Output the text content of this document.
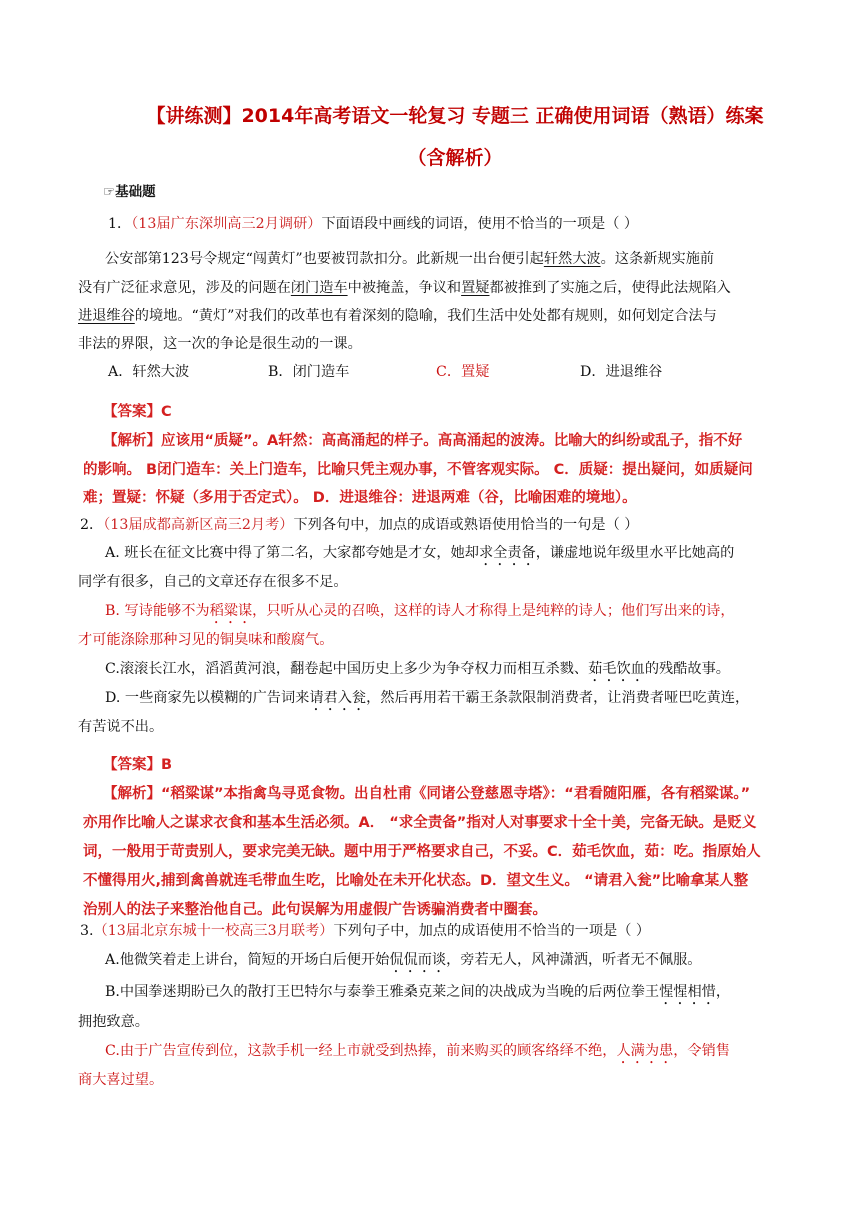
【讲练测】2014年高考语文一轮复习 专题三 正确使用词语（熟语）练案
（含解析）
☞基础题
1．（13届广东深圳高三2月调研）下面语段中画线的词语，使用不恰当的一项是（ ）
公安部第123号令规定“闯黄灯”也要被罚款扣分。此新规一出台便引起轩然大波。这条新规实施前
没有广泛征求意见，涉及的问题在闭门造车中被掩盖，争议和置疑都被推到了实施之后，使得此法规陷入
进退维谷的境地。“黄灯”对我们的改革也有着深刻的隐喻，我们生活中处处都有规则，如何划定合法与
非法的界限，这一次的争论是很生动的一课。
A．轩然大波	B．闭门造车	C．置疑	D．进退维谷
【答案】C
【解析】应该用“质疑”。A轩然：高高涌起的样子。高高涌起的波涛。比喻大的纠纷或乱子，指不好
的影响。 B闭门造车：关上门造车，比喻只凭主观办事，不管客观实际。 C．质疑：提出疑问，如质疑问
难；置疑：怀疑（多用于否定式）。 D．进退维谷：进退两难（谷，比喻困难的境地）。
2．（13届成都高新区高三2月考）下列各句中，加点的成语或熟语使用恰当的一句是（ ）
A. 班长在征文比赛中得了第二名，大家都夸她是才女，她却求全责备，谦虚地说年级里水平比她高的
同学有很多，自己的文章还存在很多不足。
B. 写诗能够不为稻粱谋，只听从心灵的召唤，这样的诗人才称得上是纯粹的诗人；他们写出来的诗，
才可能涤除那种习见的铜臭味和酸腐气。
C.滚滚长江水，滔滔黄河浪，翻卷起中国历史上多少为争夺权力而相互杀戮、茹毛饮血的残酷故事。
D. 一些商家先以模糊的广告词来请君入瓮，然后再用若干霸王条款限制消费者，让消费者哑巴吃黄连，
有苦说不出。
【答案】B
【解析】“稻粱谋”本指禽鸟寻觅食物。出自杜甫《同诸公登慈恩寺塔》：“君看随阳雁，各有稻粱谋。”
亦用作比喻人之谋求衣食和基本生活必须。A． “求全责备”指对人对事要求十全十美，完备无缺。是贬义
词，一般用于苛责别人，要求完美无缺。题中用于严格要求自己，不妥。C．茹毛饮血，茹：吃。指原始人
不懂得用火,捕到禽兽就连毛带血生吃，比喻处在未开化状态。D．望文生义。 “请君入瓮”比喻拿某人整
治别人的法子来整治他自己。此句误解为用虚假广告诱骗消费者中圈套。
3.（13届北京东城十一校高三3月联考）下列句子中，加点的成语使用不恰当的一项是（ ）
A.他微笑着走上讲台，简短的开场白后便开始侃侃而谈，旁若无人，风神潇洒，听者无不佩服。
B.中国拳迷期盼已久的散打王巴特尔与泰拳王雅桑克莱之间的决战成为当晚的后两位拳王惺惺相惜，
拥抱致意。
C.由于广告宣传到位，这款手机一经上市就受到热捧，前来购买的顾客络绎不绝，人满为患，令销售
商大喜过望。
